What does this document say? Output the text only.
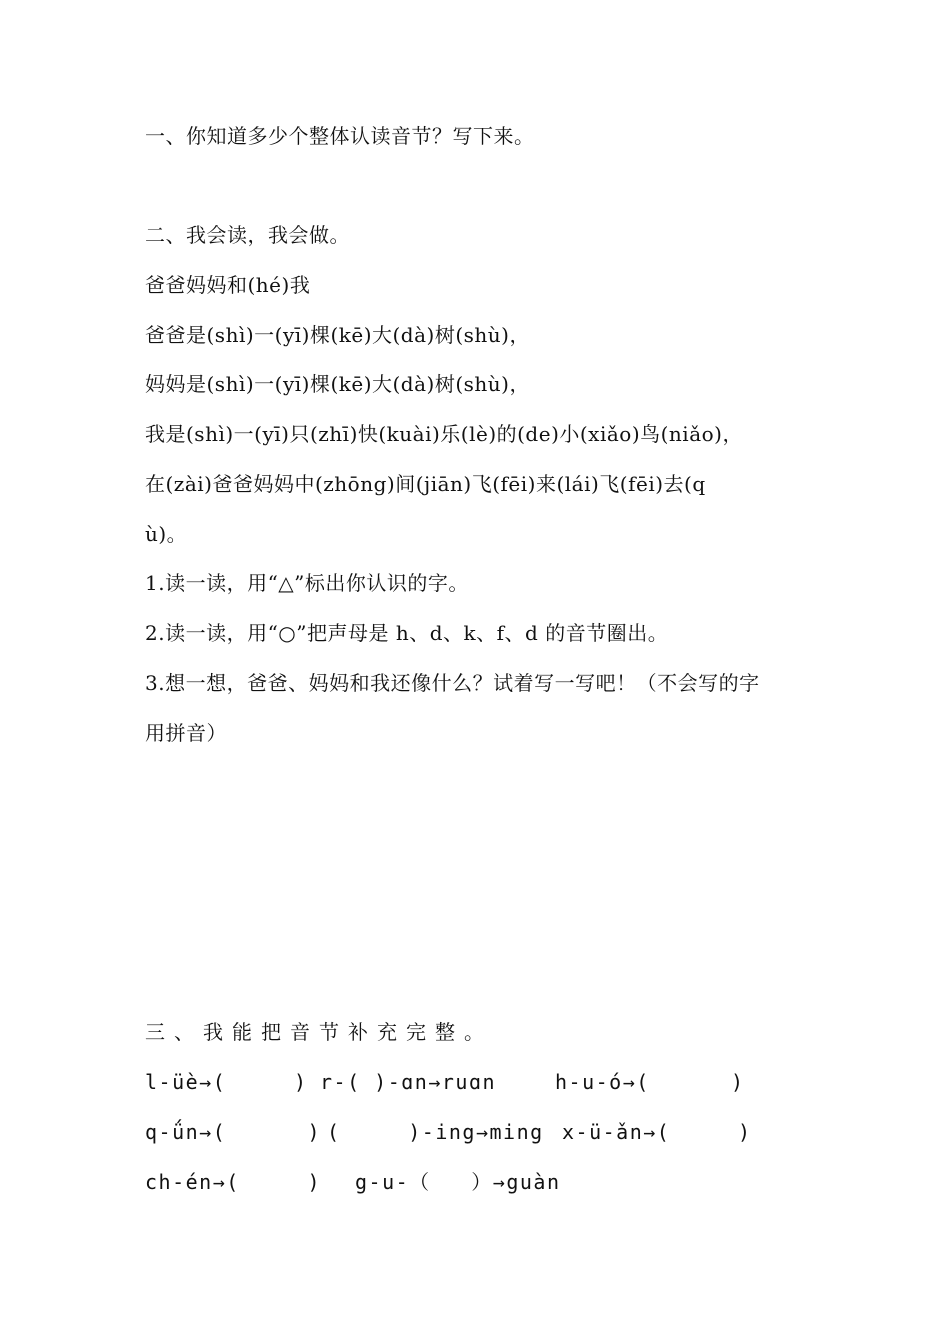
一、你知道多少个整体认读音节？写下来。
二、我会读，我会做。
爸爸妈妈和(hé)我
爸爸是(shì)一(yī)棵(kē)大(dà)树(shù)，
妈妈是(shì)一(yī)棵(kē)大(dà)树(shù)，
我是(shì)一(yī)只(zhī)快(kuài)乐(lè)的(de)小(xiǎo)鸟(niǎo)，
在(zài)爸爸妈妈中(zhōng)间(jiān)飞(fēi)来(lái)飞(fēi)去(q
ù)。
1.读一读，用“△”标出你认识的字。
2.读一读，用“○”把声母是 h、d、k、f、d 的音节圈出。
3.想一想，爸爸、妈妈和我还像什么？试着写一写吧！（不会写的字
用拼音）
三、我能把音节补充完整。
l-üè→(     ) r-( )-ɑn→ruɑn	h-u-ó→(      )
q-ǘn→(      ) (     )-ing→ming x-ü-ǎn→(     )
ch-én→(     ) g-u-（   ）→guàn
